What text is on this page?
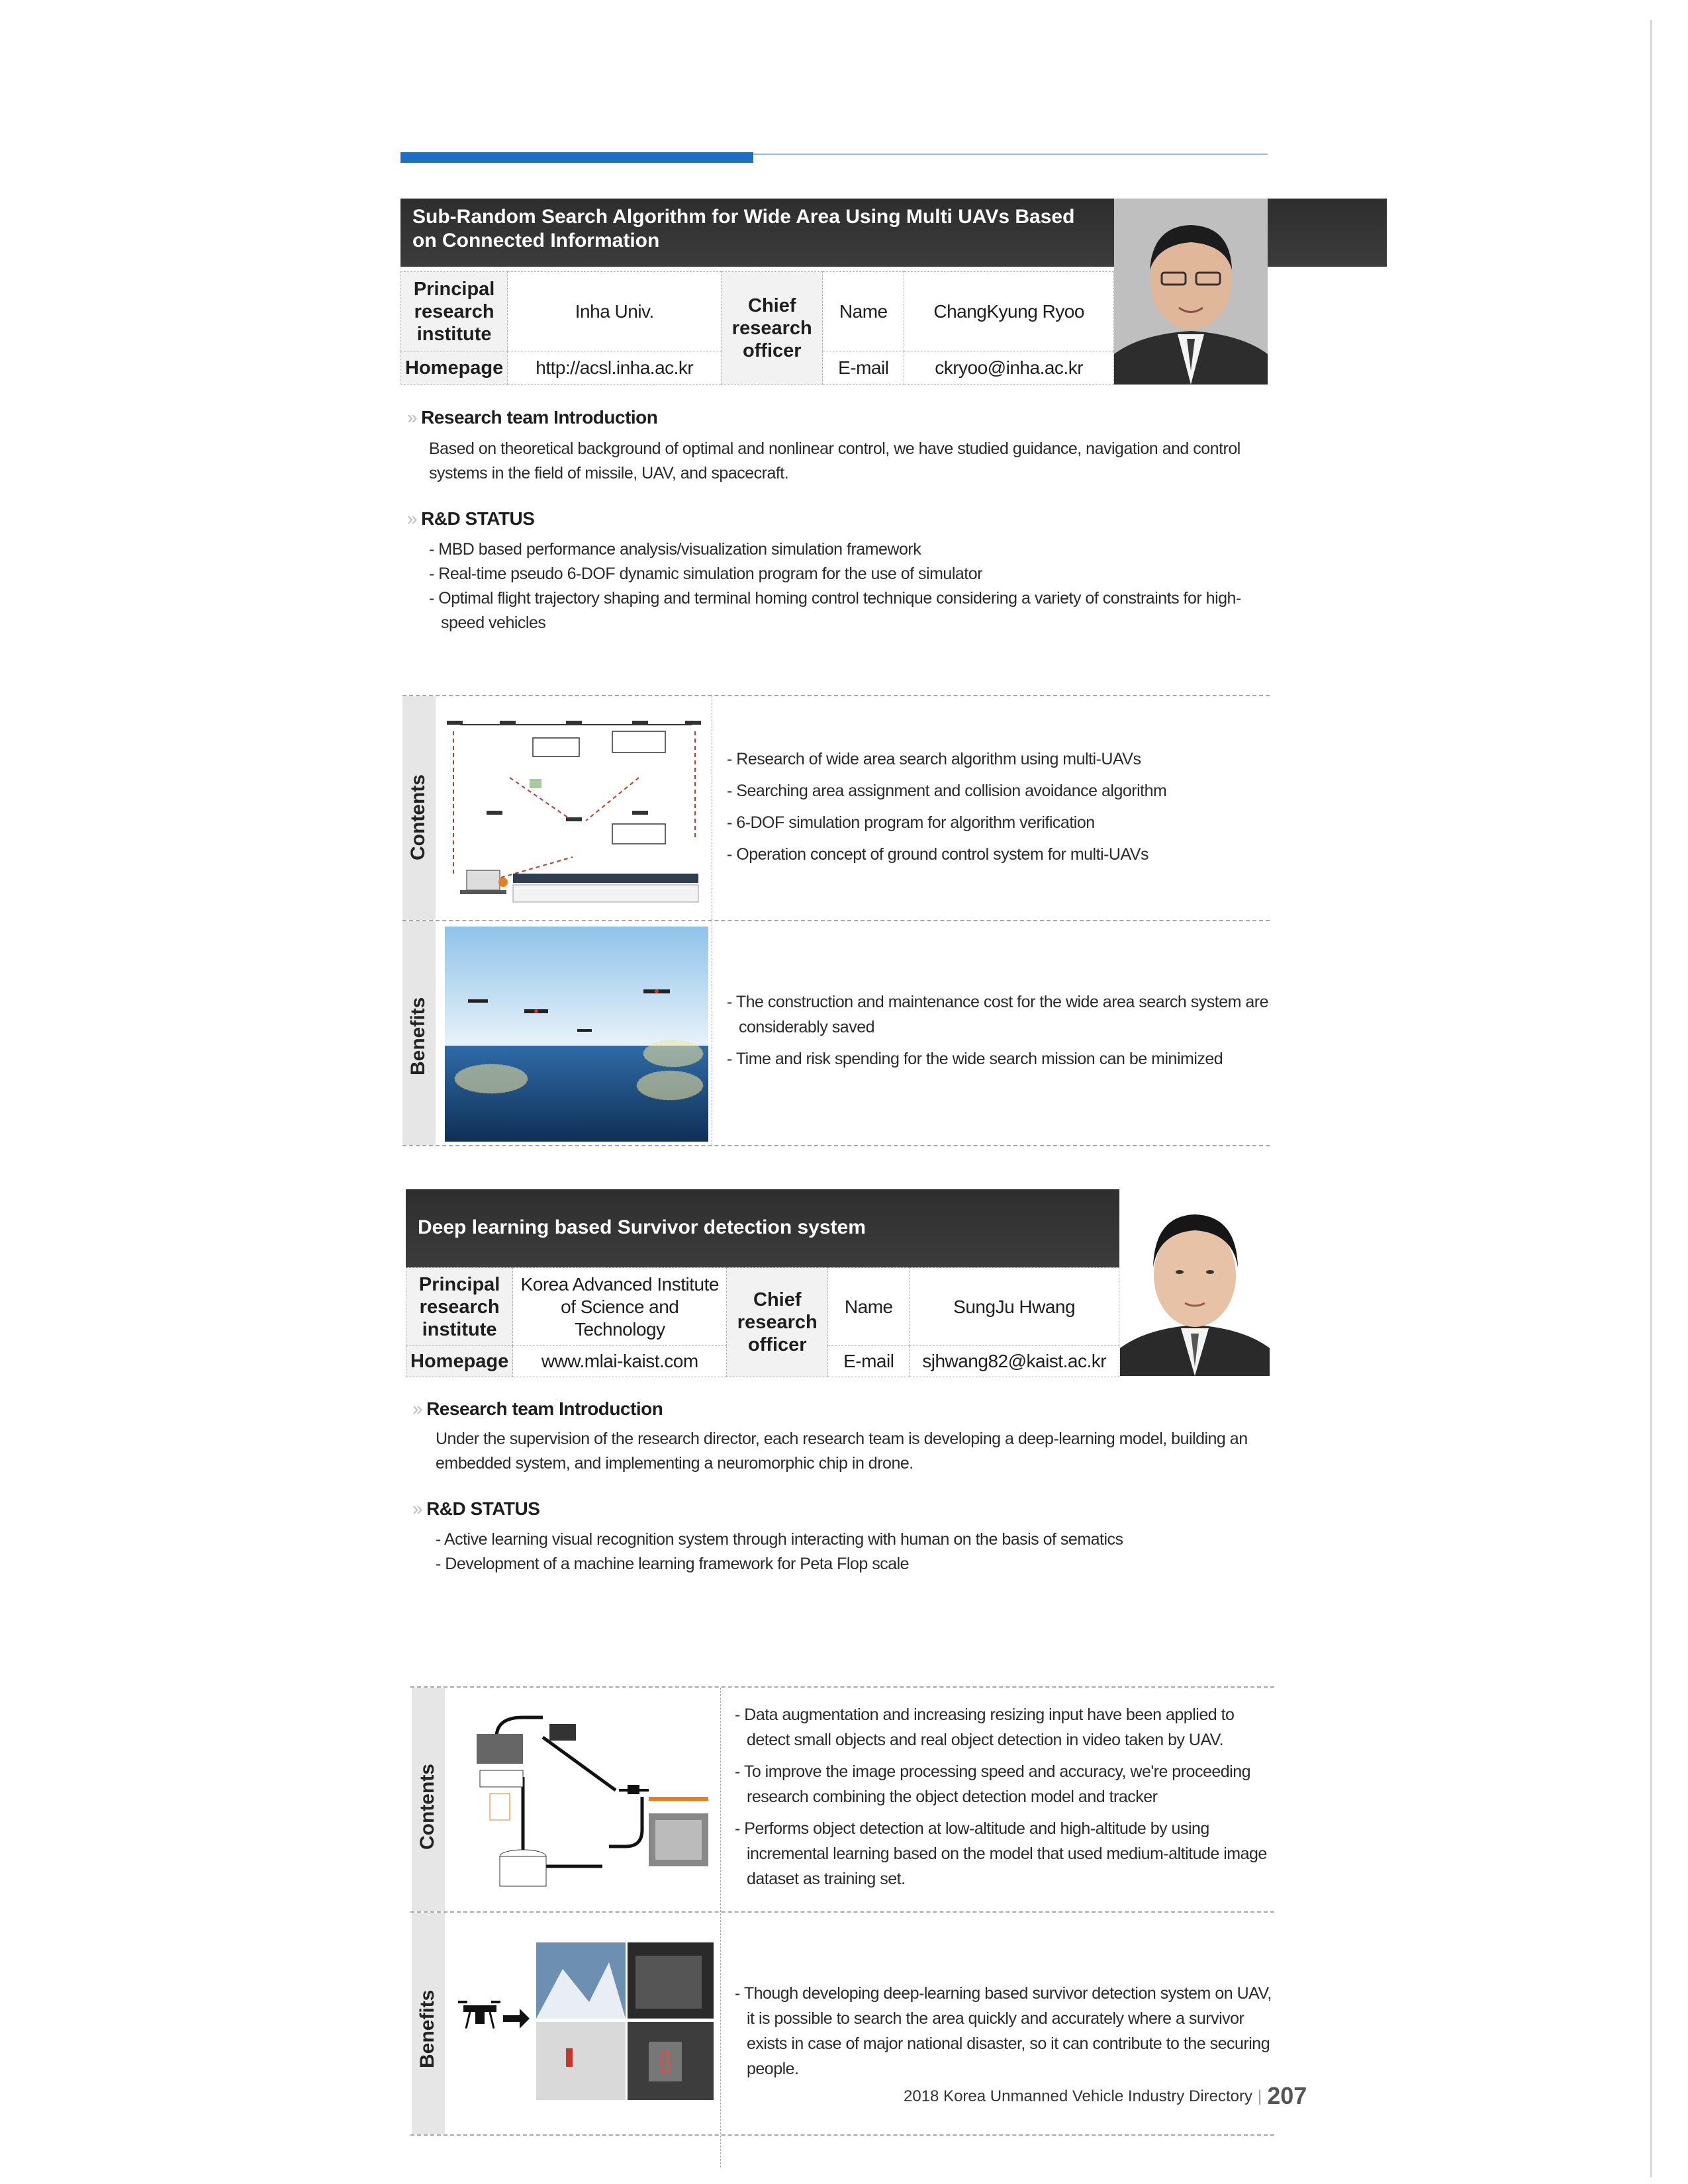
Sub-Random Search Algorithm for Wide Area Using Multi UAVs Based on Connected Information
Principal research institute	Inha Univ.	Chief research officer	Name	ChangKyung Ryoo
Homepage	http://acsl.inha.ac.kr		E-mail	ckryoo@inha.ac.kr
» Research team Introduction
Based on theoretical background of optimal and nonlinear control, we have studied guidance, navigation and control systems in the field of missile, UAV, and spacecraft.
» R&D STATUS
- MBD based performance analysis/visualization simulation framework
- Real-time pseudo 6-DOF dynamic simulation program for the use of simulator
- Optimal flight trajectory shaping and terminal homing control technique considering a variety of constraints for high-speed vehicles
Contents
Benefits
- Research of wide area search algorithm using multi-UAVs
- Searching area assignment and collision avoidance algorithm
- 6-DOF simulation program for algorithm verification
- Operation concept of ground control system for multi-UAVs
- The construction and maintenance cost for the wide area search system are considerably saved
- Time and risk spending for the wide search mission can be minimized
Deep learning based Survivor detection system
Principal research institute	Korea Advanced Institute of Science and Technology	Chief research officer	Name	SungJu Hwang
Homepage	www.mlai-kaist.com		E-mail	sjhwang82@kaist.ac.kr
» Research team Introduction
Under the supervision of the research director, each research team is developing a deep-learning model, building an embedded system, and implementing a neuromorphic chip in drone.
» R&D STATUS
- Active learning visual recognition system through interacting with human on the basis of sematics
- Development of a machine learning framework for Peta Flop scale
Contents
Benefits
- Data augmentation and increasing resizing input have been applied to detect small objects and real object detection in video taken by UAV.
- To improve the image processing speed and accuracy, we're proceeding research combining the object detection model and tracker
- Performs object detection at low-altitude and high-altitude by using incremental learning based on the model that used medium-altitude image dataset as training set.
- Though developing deep-learning based survivor detection system on UAV, it is possible to search the area quickly and accurately where a survivor exists in case of major national disaster, so it can contribute to the securing people.
2018 Korea Unmanned Vehicle Industry Directory | 207
